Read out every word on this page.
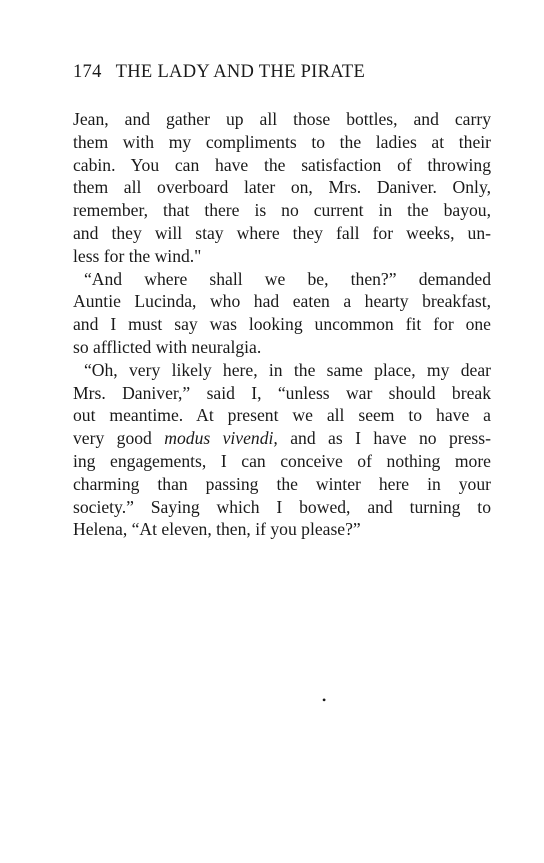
174 THE LADY AND THE PIRATE
Jean, and gather up all those bottles, and carry
them with my compliments to the ladies at their
cabin. You can have the satisfaction of throwing
them all overboard later on, Mrs. Daniver. Only,
remember, that there is no current in the bayou,
and they will stay where they fall for weeks, un-
less for the wind."
“And where shall we be, then?” demanded
Auntie Lucinda, who had eaten a hearty breakfast,
and I must say was looking uncommon fit for one
so afflicted with neuralgia.
“Oh, very likely here, in the same place, my dear
Mrs. Daniver,” said I, “unless war should break
out meantime. At present we all seem to have a
very good modus vivendi, and as I have no press-
ing engagements, I can conceive of nothing more
charming than passing the winter here in your
society.” Saying which I bowed, and turning to
Helena, “At eleven, then, if you please?”
•
